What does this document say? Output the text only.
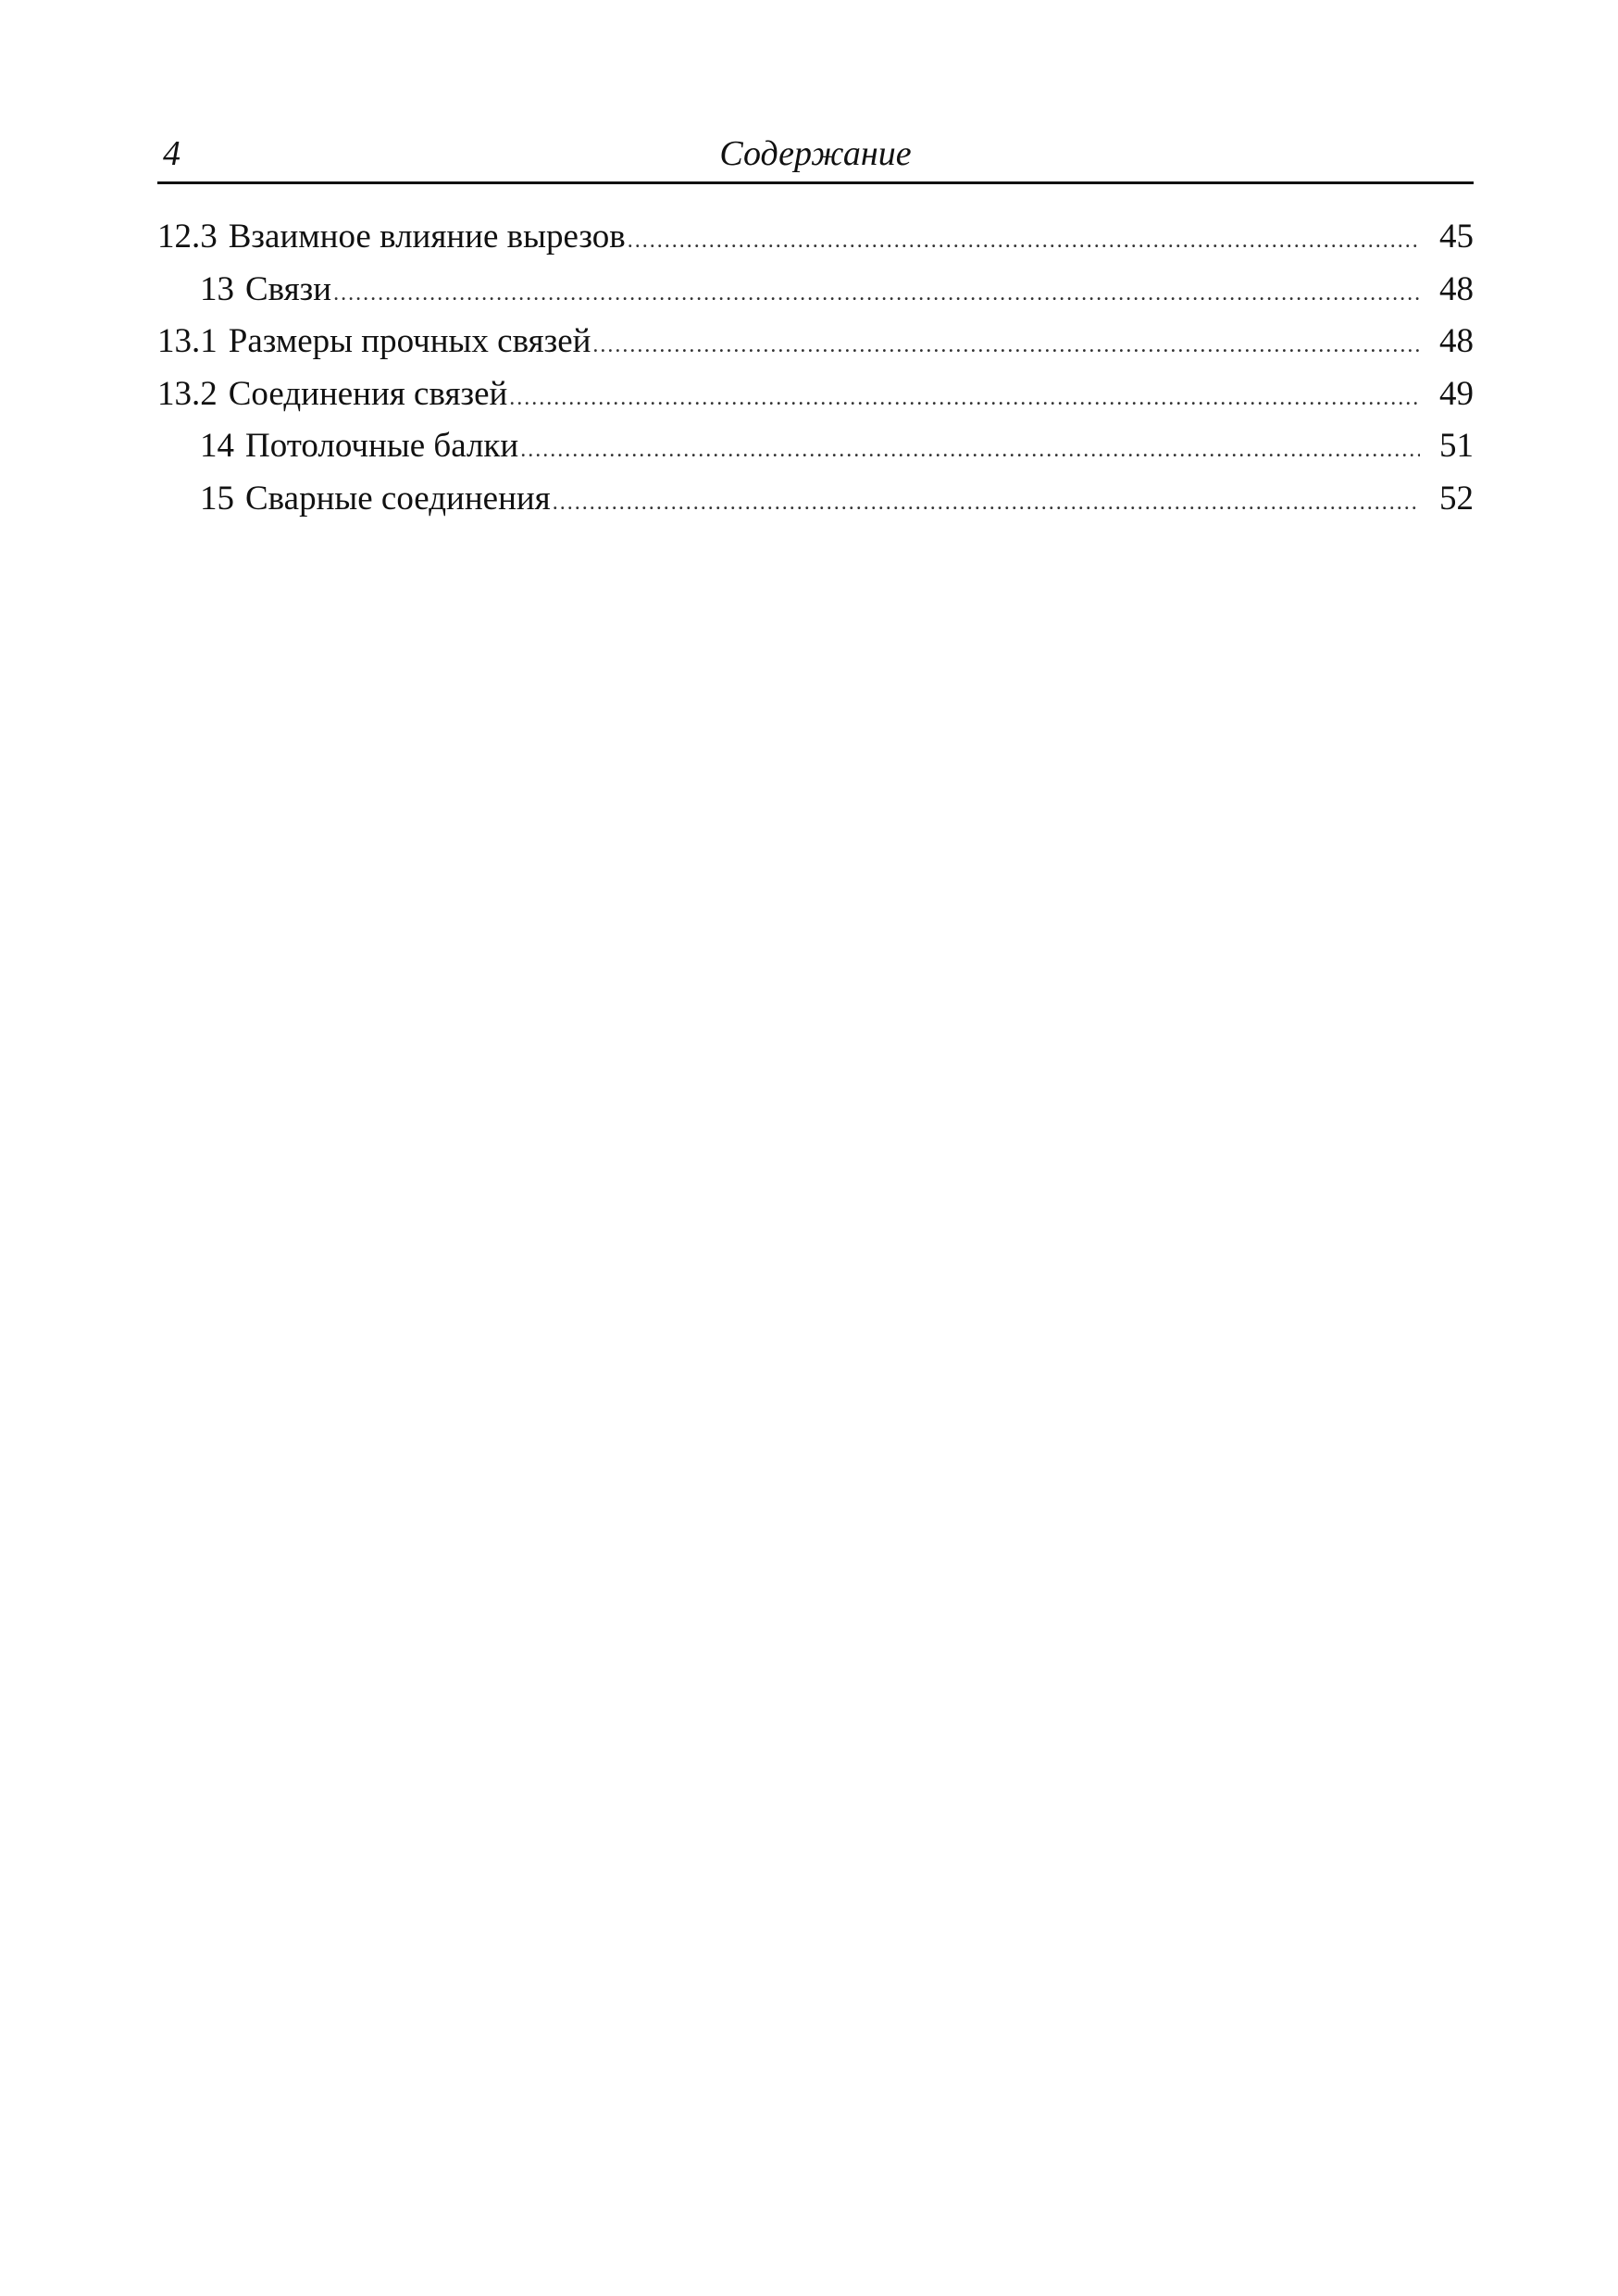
4	Содержание
12.3 Взаимное влияние вырезов .....	45
13 Связи .....	48
13.1 Размеры прочных связей .....	48
13.2 Соединения связей .....	49
14 Потолочные балки .....	51
15 Сварные соединения .....	52
